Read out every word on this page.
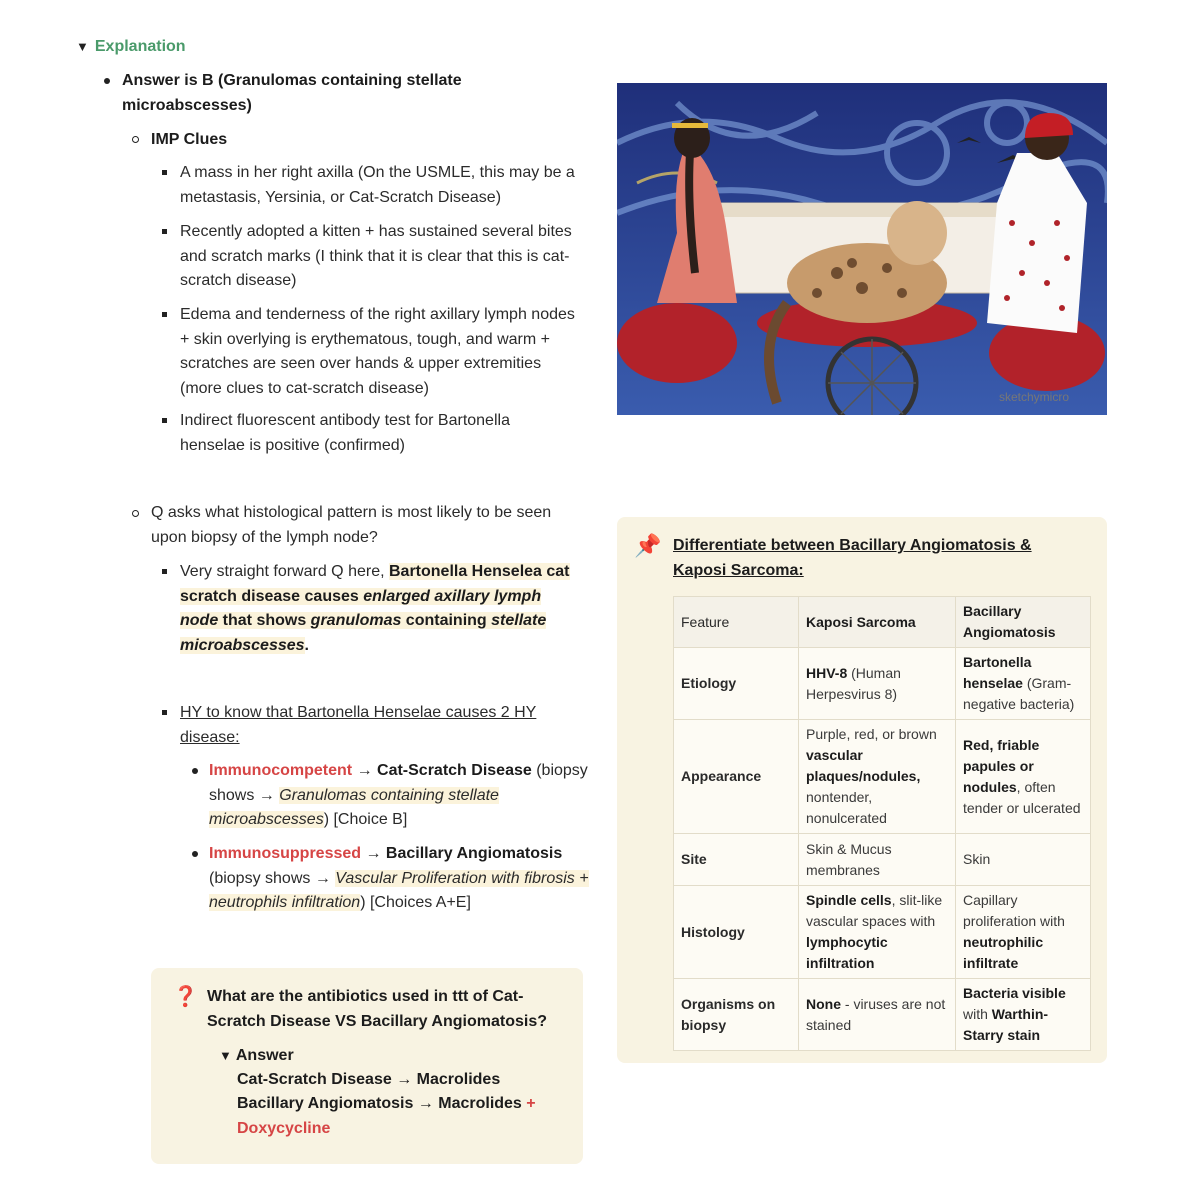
▼ Explanation
Answer is B (Granulomas containing stellate microabscesses)
IMP Clues
A mass in her right axilla (On the USMLE, this may be a metastasis, Yersinia, or Cat-Scratch Disease)
Recently adopted a kitten + has sustained several bites and scratch marks (I think that it is clear that this is cat-scratch disease)
Edema and tenderness of the right axillary lymph nodes + skin overlying is erythematous, tough, and warm + scratches are seen over hands & upper extremities (more clues to cat-scratch disease)
Indirect fluorescent antibody test for Bartonella henselae is positive (confirmed)
Q asks what histological pattern is most likely to be seen upon biopsy of the lymph node?
Very straight forward Q here, Bartonella Henselea cat scratch disease causes enlarged axillary lymph node that shows granulomas containing stellate microabscesses.
HY to know that Bartonella Henselae causes 2 HY disease:
Immunocompetent → Cat-Scratch Disease (biopsy shows → Granulomas containing stellate microabscesses) [Choice B]
Immunosuppressed → Bacillary Angiomatosis (biopsy shows → Vascular Proliferation with fibrosis + neutrophils infiltration) [Choices A+E]
❓ What are the antibiotics used in ttt of Cat-Scratch Disease VS Bacillary Angiomatosis?
▼ Answer
Cat-Scratch Disease → Macrolides
Bacillary Angiomatosis → Macrolides + Doxycycline
sketchymicro
📌 Differentiate between Bacillary Angiomatosis & Kaposi Sarcoma:
Feature	Kaposi Sarcoma	Bacillary Angiomatosis
Etiology	HHV-8 (Human Herpesvirus 8)	Bartonella henselae (Gram-negative bacteria)
Appearance	Purple, red, or brown vascular plaques/nodules, nontender, nonulcerated	Red, friable papules or nodules, often tender or ulcerated
Site	Skin & Mucus membranes	Skin
Histology	Spindle cells, slit-like vascular spaces with lymphocytic infiltration	Capillary proliferation with neutrophilic infiltrate
Organisms on biopsy	None - viruses are not stained	Bacteria visible with Warthin-Starry stain
